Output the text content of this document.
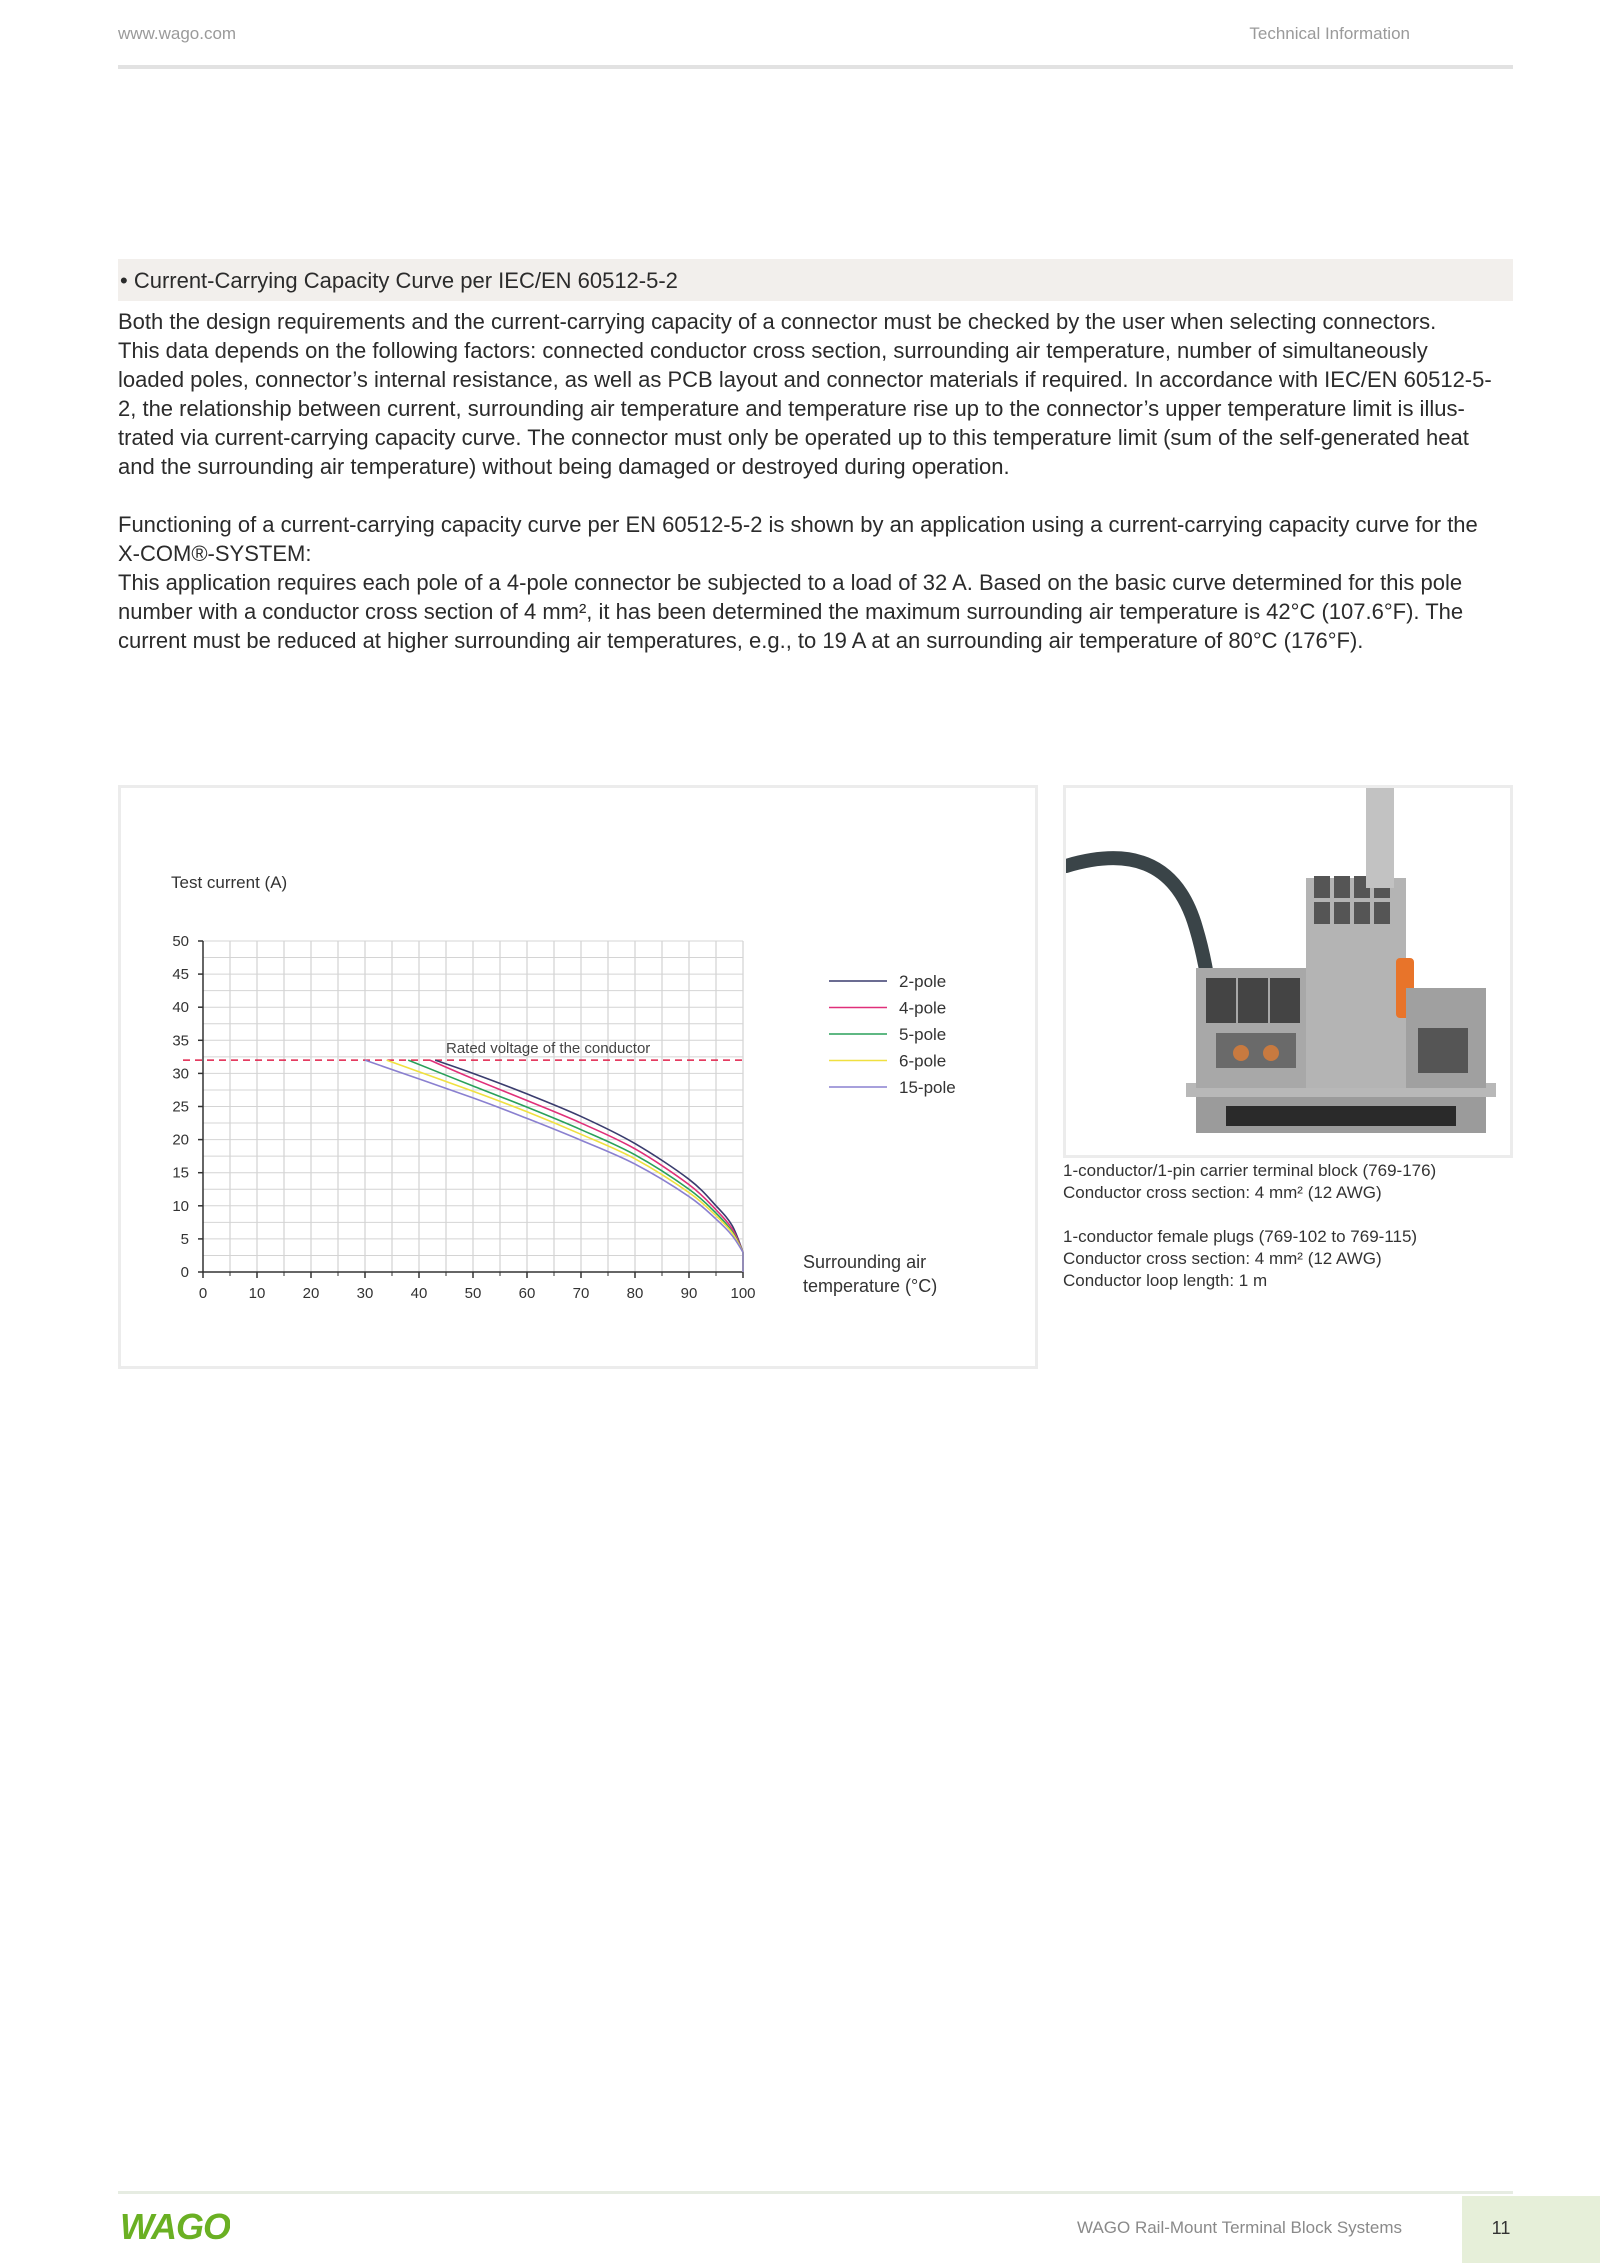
www.wago.com	Technical Information
• Current-Carrying Capacity Curve per IEC/EN 60512-5-2
Both the design requirements and the current-carrying capacity of a connector must be checked by the user when selecting connectors.
This data depends on the following factors: connected conductor cross section, surrounding air temperature, number of simultaneously
loaded poles, connector’s internal resistance, as well as PCB layout and connector materials if required. In accordance with IEC/EN 60512-5-
2, the relationship between current, surrounding air temperature and temperature rise up to the connector’s upper temperature limit is illus-
trated via current-carrying capacity curve. The connector must only be operated up to this temperature limit (sum of the self-generated heat
and the surrounding air temperature) without being damaged or destroyed during operation.
Functioning of a current-carrying capacity curve per EN 60512-5-2 is shown by an application using a current-carrying capacity curve for the
X-COM®-SYSTEM:
This application requires each pole of a 4-pole connector be subjected to a load of 32 A. Based on the basic curve determined for this pole
number with a conductor cross section of 4 mm², it has been determined the maximum surrounding air temperature is 42°C (107.6°F). The
current must be reduced at higher surrounding air temperatures, e.g., to 19 A at an surrounding air temperature of 80°C (176°F).
Test current (A)
0	10 20 30 40 50 60 70 80 90 100
0
5
10
15
20
25
30
35
40
45
50
Rated voltage of the conductor
2-pole
4-pole
5-pole
6-pole
15-pole
Surrounding air
temperature (°C)
1-conductor/1-pin carrier terminal block (769-176)
Conductor cross section: 4 mm² (12 AWG)
1-conductor female plugs (769-102 to 769-115)
Conductor cross section: 4 mm² (12 AWG)
Conductor loop length: 1 m
WAGO	WAGO Rail-Mount Terminal Block Systems	11
